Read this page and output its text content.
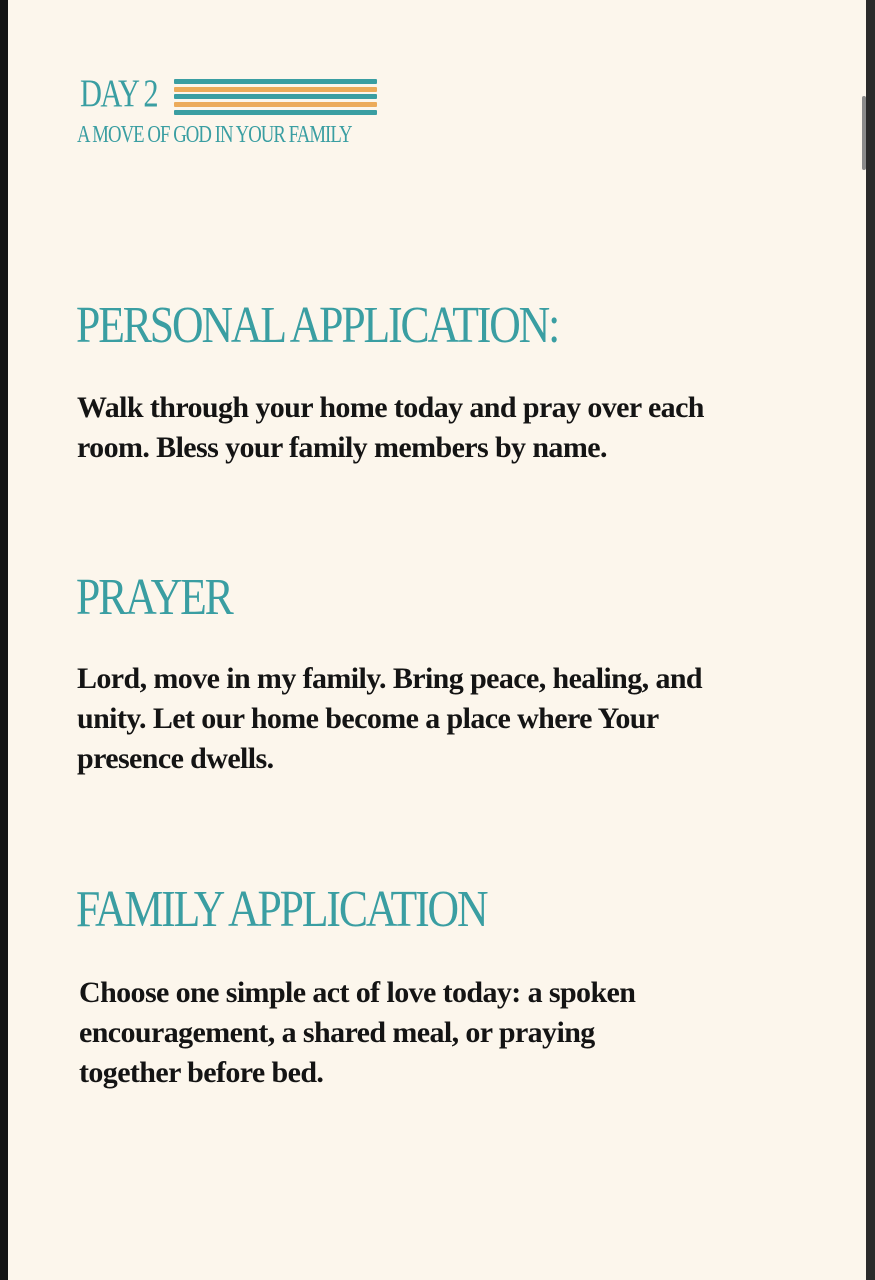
DAY 2
A MOVE OF GOD IN YOUR FAMILY
PERSONAL APPLICATION:

Walk through your home today and pray over each
room. Bless your family members by name.

PRAYER

Lord, move in my family. Bring peace, healing, and
unity. Let our home become a place where Your
presence dwells.

FAMILY APPLICATION

Choose one simple act of love today: a spoken
encouragement, a shared meal, or praying
together before bed.
